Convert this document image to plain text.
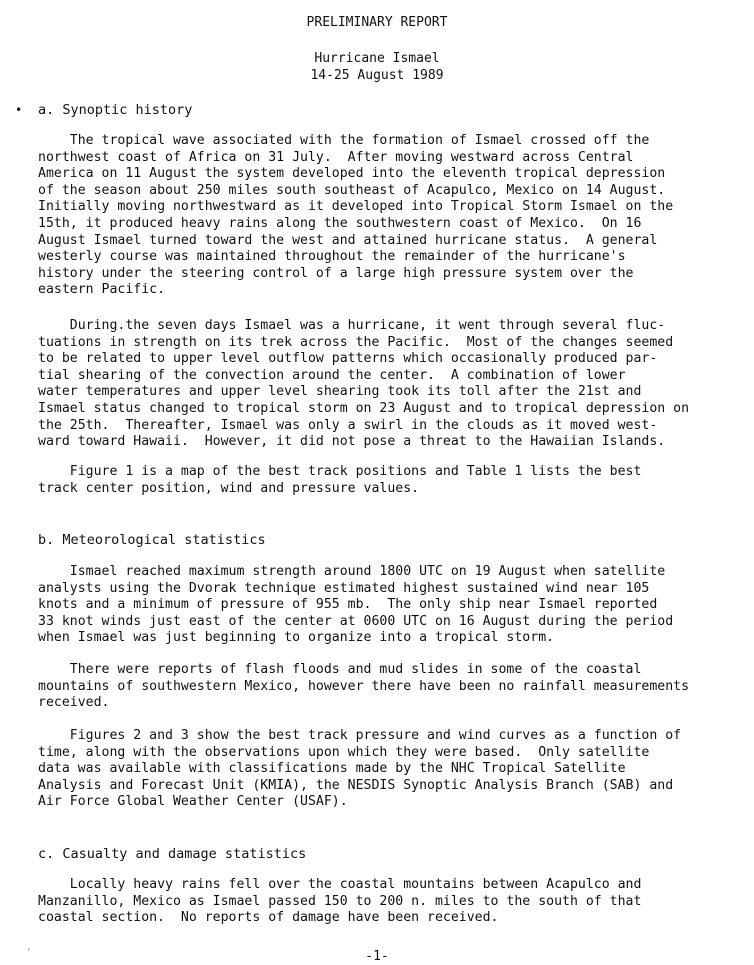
PRELIMINARY REPORT
Hurricane Ismael
14-25 August 1989
• a. Synoptic history
The tropical wave associated with the formation of Ismael crossed off the
northwest coast of Africa on 31 July.  After moving westward across Central
America on 11 August the system developed into the eleventh tropical depression
of the season about 250 miles south southeast of Acapulco, Mexico on 14 August.
Initially moving northwestward as it developed into Tropical Storm Ismael on the
15th, it produced heavy rains along the southwestern coast of Mexico.  On 16
August Ismael turned toward the west and attained hurricane status.  A general
westerly course was maintained throughout the remainder of the hurricane's
history under the steering control of a large high pressure system over the
eastern Pacific.
During.the seven days Ismael was a hurricane, it went through several fluc-
tuations in strength on its trek across the Pacific.  Most of the changes seemed
to be related to upper level outflow patterns which occasionally produced par-
tial shearing of the convection around the center.  A combination of lower
water temperatures and upper level shearing took its toll after the 21st and
Ismael status changed to tropical storm on 23 August and to tropical depression on
the 25th.  Thereafter, Ismael was only a swirl in the clouds as it moved west-
ward toward Hawaii.  However, it did not pose a threat to the Hawaiian Islands.
Figure 1 is a map of the best track positions and Table 1 lists the best
track center position, wind and pressure values.
b. Meteorological statistics
Ismael reached maximum strength around 1800 UTC on 19 August when satellite
analysts using the Dvorak technique estimated highest sustained wind near 105
knots and a minimum of pressure of 955 mb.  The only ship near Ismael reported
33 knot winds just east of the center at 0600 UTC on 16 August during the period
when Ismael was just beginning to organize into a tropical storm.
There were reports of flash floods and mud slides in some of the coastal
mountains of southwestern Mexico, however there have been no rainfall measurements
received.
Figures 2 and 3 show the best track pressure and wind curves as a function of
time, along with the observations upon which they were based.  Only satellite
data was available with classifications made by the NHC Tropical Satellite
Analysis and Forecast Unit (KMIA), the NESDIS Synoptic Analysis Branch (SAB) and
Air Force Global Weather Center (USAF).
c. Casualty and damage statistics
Locally heavy rains fell over the coastal mountains between Acapulco and
Manzanillo, Mexico as Ismael passed 150 to 200 n. miles to the south of that
coastal section.  No reports of damage have been received.
-1-
‘
